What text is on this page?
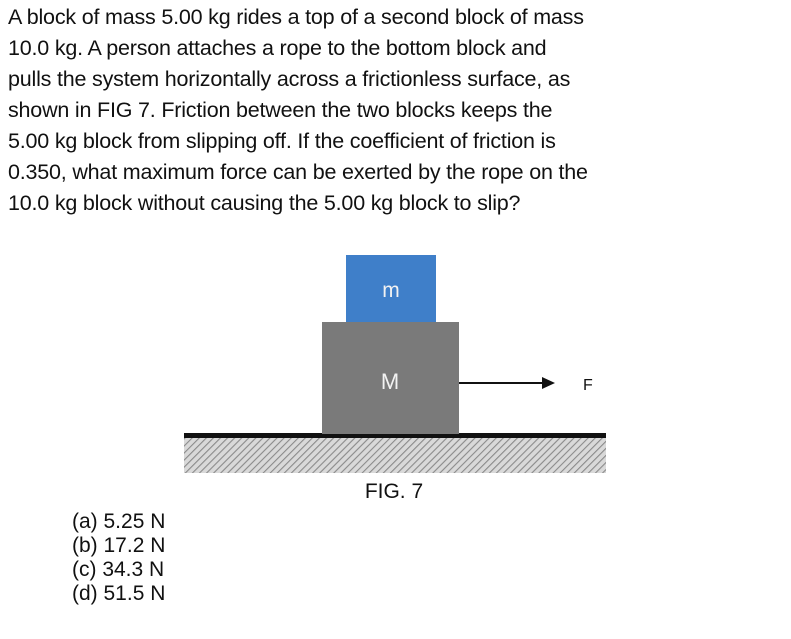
A block of mass 5.00 kg rides a top of a second block of mass
10.0 kg. A person attaches a rope to the bottom block and
pulls the system horizontally across a frictionless surface, as
shown in FIG 7. Friction between the two blocks keeps the
5.00 kg block from slipping off. If the coefficient of friction is
0.350, what maximum force can be exerted by the rope on the
10.0 kg block without causing the 5.00 kg block to slip?
M
m
F
FIG. 7
(a) 5.25 N
(b) 17.2 N
(c) 34.3 N
(d) 51.5 N
